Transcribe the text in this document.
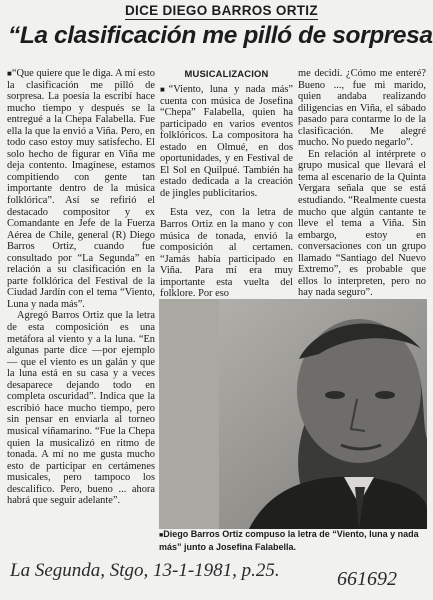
DICE DIEGO BARROS ORTIZ
“La clasificación me pilló de sorpresa

■ “Que quiere que le diga. A mí esto la clasificación me pilló de sorpresa. La poesía la escribí hace mucho tiempo y después se la entregué a la Chepa Falabella. Fue ella la que la envió a Viña. Pero, en todo caso estoy muy satisfecho. El solo hecho de figurar en Viña me deja contento. Imagínese, estamos compitiendo con gente tan importante dentro de la música folklórica”. Así se refirió el destacado compositor y ex Comandante en Jefe de la Fuerza Aérea de Chile, general (R) Diego Barros Ortiz, cuando fue consultado por “La Segunda” en relación a su clasificación en la parte folklórica del Festival de la Ciudad Jardín con el tema “Viento, Luna y nada más”.

Agregó Barros Ortiz que la letra de esta composición es una metáfora al viento y a la luna. “En algunas parte dice —por ejemplo— que el viento es un galán y que la luna está en su casa y a veces desaparece dejando todo en completa oscuridad”. Indica que la escribió hace mucho tiempo, pero sin pensar en enviarla al torneo musical viñamarino. “Fue la Chepa quien la musicalizó en ritmo de tonada. A mí no me gusta mucho esto de participar en certámenes musicales, pero tampoco los descalifico. Pero, bueno ... ahora habrá que seguir adelante”.

MUSICALIZACION

■ “Viento, luna y nada más” cuenta con música de Josefina “Chepa” Falabella, quien ha participado en varios eventos folklóricos. La compositora ha estado en Olmué, en dos oportunidades, y en Festival de El Sol en Quilpué. También ha estado dedicada a la creación de jingles publicitarios.

Esta vez, con la letra de Barros Ortiz en la mano y con música de tonada, envió la composición al certamen. “Jamás había participado en Viña. Para mí era muy importante esta vuelta del folklore. Por eso

me decidí. ¿Cómo me enteré? Bueno ..., fue mi marido, quien andaba realizando diligencias en Viña, el sábado pasado para contarme lo de la clasificación. Me alegré mucho. No puedo negarlo”.

En relación al intérprete o grupo musical que llevará el tema al escenario de la Quinta Vergara señala que se está estudiando. “Realmente cuesta mucho que algún cantante te lleve el tema a Viña. Sin embargo, estoy en conversaciones con un grupo llamado “Santiago del Nuevo Extremo”, es probable que ellos lo interpreten, pero no hay nada seguro”.

■ Diego Barros Ortiz compuso la letra de “Viento, luna y nada más” junto a Josefina Falabella.
La Segunda, Stgo, 13-1-1981, p.25.	661692
